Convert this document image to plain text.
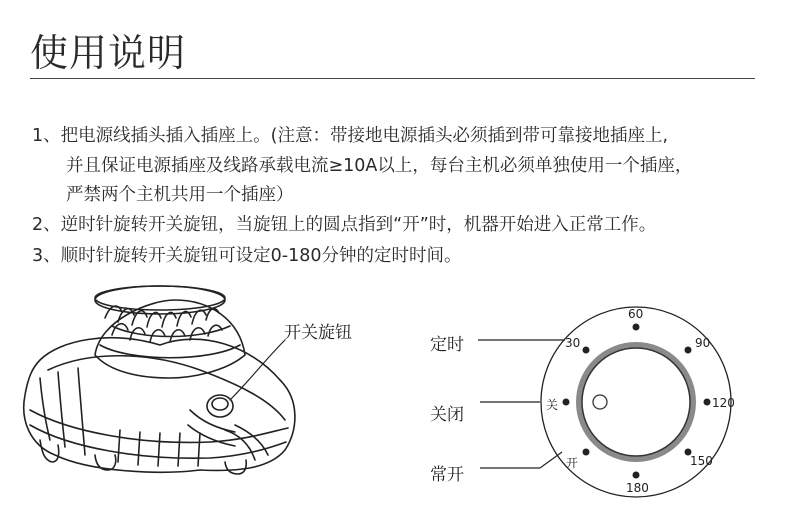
使用说明
1、把电源线插头插入插座上。(注意：带接地电源插头必须插到带可靠接地插座上,
并且保证电源插座及线路承载电流≥10A以上，每台主机必须单独使用一个插座，
严禁两个主机共用一个插座）
2、逆时针旋转开关旋钮，当旋钮上的圆点指到“开”时，机器开始进入正常工作。
3、顺时针旋转开关旋钮可设定0-180分钟的定时时间。
开关旋钮
定时
关闭
常开
60
30	90
关	120
开	150
180
